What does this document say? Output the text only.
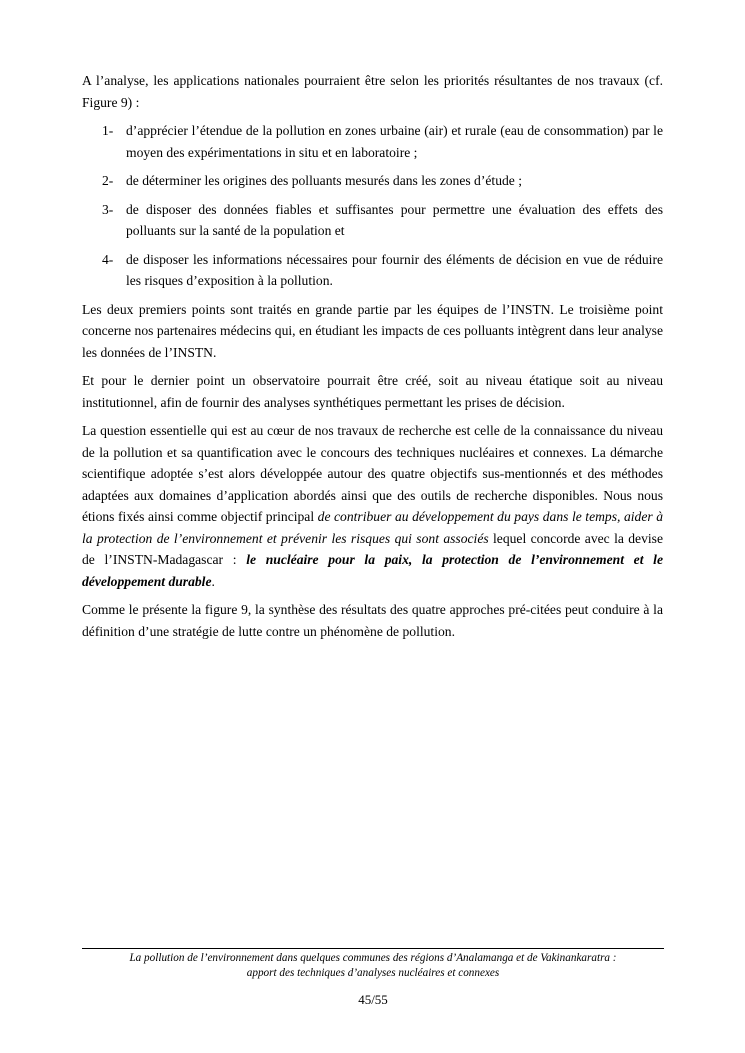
A l’analyse, les applications nationales pourraient être selon les priorités résultantes de nos travaux (cf. Figure 9) :

1- d’apprécier l’étendue de la pollution en zones urbaine (air) et rurale (eau de consommation) par le moyen des expérimentations in situ et en laboratoire ;
2- de déterminer les origines des polluants mesurés dans les zones d’étude ;
3- de disposer des données fiables et suffisantes pour permettre une évaluation des effets des polluants sur la santé de la population et
4- de disposer les informations nécessaires pour fournir des éléments de décision en vue de réduire les risques d’exposition à la pollution.

Les deux premiers points sont traités en grande partie par les équipes de l’INSTN. Le troisième point concerne nos partenaires médecins qui, en étudiant les impacts de ces polluants intègrent dans leur analyse les données de l’INSTN.

Et pour le dernier point un observatoire pourrait être créé, soit au niveau étatique soit au niveau institutionnel, afin de fournir des analyses synthétiques permettant les prises de décision.

La question essentielle qui est au cœur de nos travaux de recherche est celle de la connaissance du niveau de la pollution et sa quantification avec le concours des techniques nucléaires et connexes. La démarche scientifique adoptée s’est alors développée autour des quatre objectifs sus-mentionnés et des méthodes adaptées aux domaines d’application abordés ainsi que des outils de recherche disponibles. Nous nous étions fixés ainsi comme objectif principal de contribuer au développement du pays dans le temps, aider à la protection de l’environnement et prévenir les risques qui sont associés lequel concorde avec la devise de l’INSTN-Madagascar : le nucléaire pour la paix, la protection de l’environnement et le développement durable.

Comme le présente la figure 9, la synthèse des résultats des quatre approches pré-citées peut conduire à la définition d’une stratégie de lutte contre un phénomène de pollution.

La pollution de l’environnement dans quelques communes des régions d’Analamanga et de Vakinankaratra :
apport des techniques d’analyses nucléaires et connexes
45/55
